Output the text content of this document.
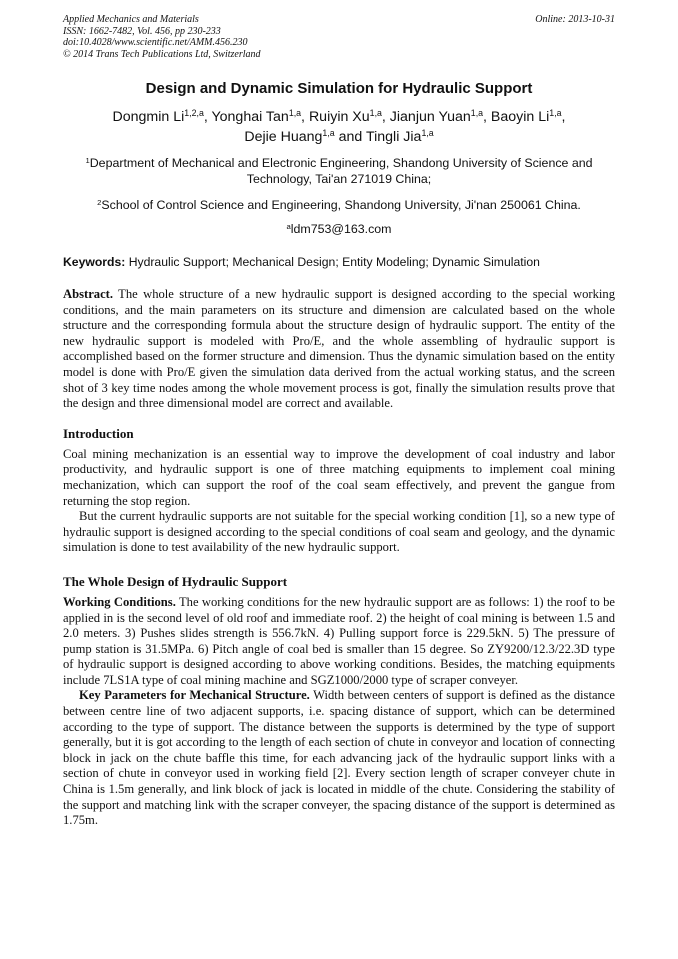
Applied Mechanics and Materials
ISSN: 1662-7482, Vol. 456, pp 230-233
doi:10.4028/www.scientific.net/AMM.456.230
© 2014 Trans Tech Publications Ltd, Switzerland
Online: 2013-10-31
Design and Dynamic Simulation for Hydraulic Support
Dongmin Li$^{1,2,a}$, Yonghai Tan$^{1,a}$, Ruiyin Xu$^{1,a}$, Jianjun Yuan$^{1,a}$, Baoyin Li$^{1,a}$,
Dejie Huang$^{1,a}$ and Tingli Jia$^{1,a}$
$^1$Department of Mechanical and Electronic Engineering, Shandong University of Science and Technology, Tai'an 271019 China;
$^2$School of Control Science and Engineering, Shandong University, Ji'nan 250061 China.
$^a$ldm753@163.com
Keywords: Hydraulic Support; Mechanical Design; Entity Modeling; Dynamic Simulation

Abstract. The whole structure of a new hydraulic support is designed according to the special working conditions, and the main parameters on its structure and dimension are calculated based on the whole structure and the corresponding formula about the structure design of hydraulic support. The entity of the new hydraulic support is modeled with Pro/E, and the whole assembling of hydraulic support is accomplished based on the former structure and dimension. Thus the dynamic simulation based on the entity model is done with Pro/E given the simulation data derived from the actual working status, and the screen shot of 3 key time nodes among the whole movement process is got, finally the simulation results prove that the design and three dimensional model are correct and available.

Introduction

Coal mining mechanization is an essential way to improve the development of coal industry and labor productivity, and hydraulic support is one of three matching equipments to implement coal mining mechanization, which can support the roof of the coal seam effectively, and prevent the gangue from returning the stop region.

But the current hydraulic supports are not suitable for the special working condition [1], so a new type of hydraulic support is designed according to the special conditions of coal seam and geology, and the dynamic simulation is done to test availability of the new hydraulic support.

The Whole Design of Hydraulic Support

Working Conditions. The working conditions for the new hydraulic support are as follows: 1) the roof to be applied in is the second level of old roof and immediate roof. 2) the height of coal mining is between 1.5 and 2.0 meters. 3) Pushes slides strength is 556.7kN. 4) Pulling support force is 229.5kN. 5) The pressure of pump station is 31.5MPa. 6) Pitch angle of coal bed is smaller than 15 degree. So ZY9200/12.3/22.3D type of hydraulic support is designed according to above working conditions. Besides, the matching equipments include 7LS1A type of coal mining machine and SGZ1000/2000 type of scraper conveyer.

Key Parameters for Mechanical Structure. Width between centers of support is defined as the distance between centre line of two adjacent supports, i.e. spacing distance of support, which can be determined according to the type of support. The distance between the supports is determined by the type of support generally, but it is got according to the length of each section of chute in conveyor and location of connecting block in jack on the chute baffle this time, for each advancing jack of the hydraulic support links with a section of chute in conveyor used in working field [2]. Every section length of scraper conveyer chute in China is 1.5m generally, and link block of jack is located in middle of the chute. Considering the stability of the support and matching link with the scraper conveyer, the spacing distance of the support is determined as 1.75m.
